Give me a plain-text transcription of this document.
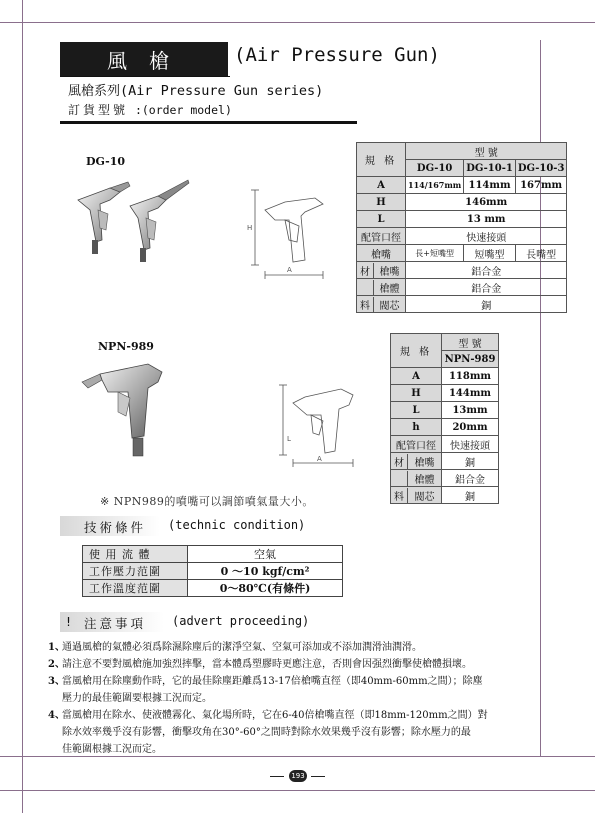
風槍 (Air Pressure Gun)
風槍系列(Air Pressure Gun series)
訂貨型號 :(order model)
DG-10
A
H
規 格	型 號		
	DG-10	DG-10-1	DG-10-3
A	114/167mm	114mm	167mm
H	146mm		
L	13 mm		
配管口徑	快速接頭		
槍嘴	長+短嘴型	短嘴型	長嘴型

材 槍嘴	鋁合金		

槍體	鋁合金		

料 閥芯	銅		
NPN-989
A
L
規 格	型 號
	NPN-989
A	118mm
H	144mm
L	13mm
h	20mm
配管口徑	快速接頭

材 槍嘴	銅

槍體	鋁合金

料 閥芯	銅
※ NPN989的噴嘴可以調節噴氣量大小。
技術條件 (technic condition)
使 用 流 體	空氣
工作壓力范圍	0 ～10 kgf/cm²
工作溫度范圍	0～80℃(有條件)
! 注意事項 (advert proceeding)
1、通過風槍的氣體必須爲除濕除塵后的潔淨空氣、空氣可添加或不添加潤滑油潤滑。
2、請注意不要對風槍施加強烈摔擊，當本體爲塑膠時更應注意，否則會因强烈衝擊使槍體損壞。
3、當風槍用在除塵動作時，它的最佳除塵距離爲13-17倍槍嘴直徑（即40mm-60mm之間）；除塵
壓力的最佳範圍要根據工況而定。
4、當風槍用在除水、使液體霧化、氣化場所時，它在6-40倍槍嘴直徑（即18mm-120mm之間）對
除水效率幾乎沒有影響，衝擊攻角在30°-60°之間時對除水效果幾乎沒有影響；除水壓力的最
佳範圍根據工況而定。
193
